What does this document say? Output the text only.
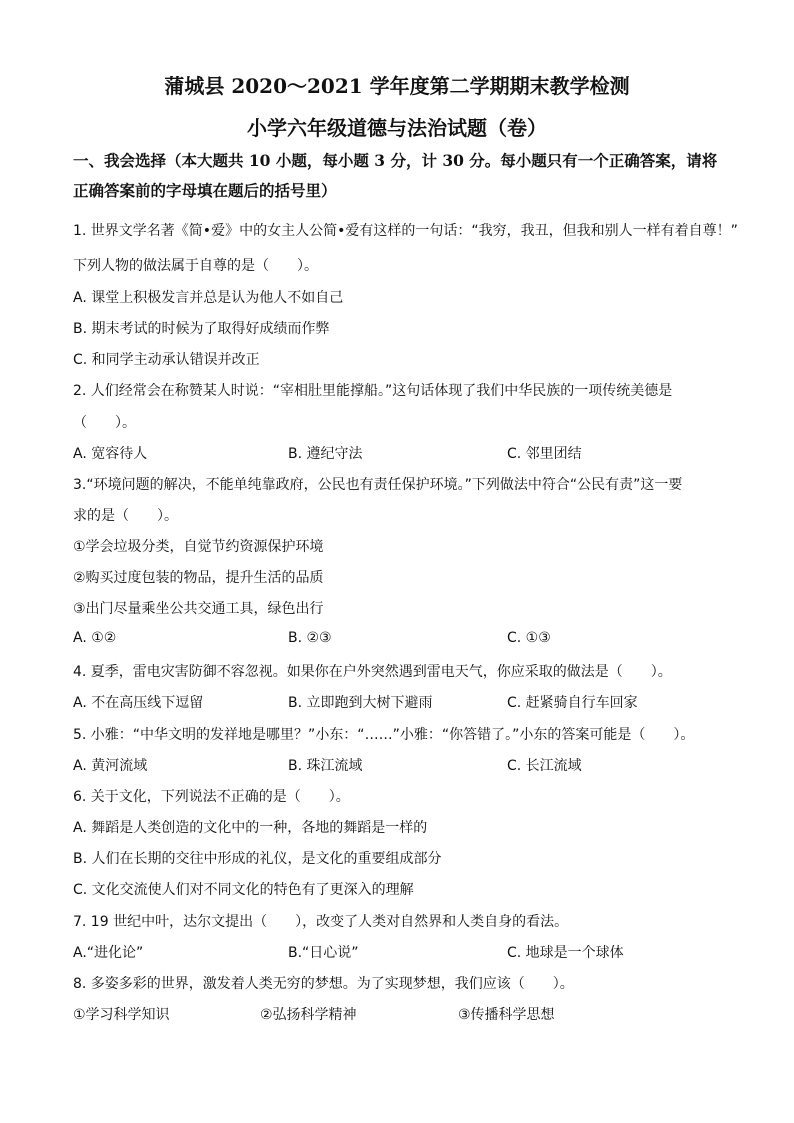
蒲城县 2020～2021 学年度第二学期期末教学检测
小学六年级道德与法治试题（卷）
一、我会选择（本大题共 10 小题，每小题 3 分，计 30 分。每小题只有一个正确答案，请将
正确答案前的字母填在题后的括号里）
1. 世界文学名著《简•爱》中的女主人公简•爱有这样的一句话：“我穷，我丑，但我和别人一样有着自尊！”
下列人物的做法属于自尊的是（　　）。
A. 课堂上积极发言并总是认为他人不如自己
B. 期末考试的时候为了取得好成绩而作弊
C. 和同学主动承认错误并改正
2. 人们经常会在称赞某人时说：“宰相肚里能撑船。”这句话体现了我们中华民族的一项传统美德是
（　　）。
A. 宽容待人	B. 遵纪守法	C. 邻里团结
3.“环境问题的解决，不能单纯靠政府，公民也有责任保护环境。”下列做法中符合“公民有责”这一要
求的是（　　）。
①学会垃圾分类，自觉节约资源保护环境
②购买过度包装的物品，提升生活的品质
③出门尽量乘坐公共交通工具，绿色出行
A. ①②	B. ②③	C. ①③
4. 夏季，雷电灾害防御不容忽视。如果你在户外突然遇到雷电天气，你应采取的做法是（　　）。
A. 不在高压线下逗留	B. 立即跑到大树下避雨	C. 赶紧骑自行车回家
5. 小雅：“中华文明的发祥地是哪里？”小东：“……”小雅：“你答错了。”小东的答案可能是（　　）。
A. 黄河流域	B. 珠江流域	C. 长江流域
6. 关于文化，下列说法不正确的是（　　）。
A. 舞蹈是人类创造的文化中的一种，各地的舞蹈是一样的
B. 人们在长期的交往中形成的礼仪，是文化的重要组成部分
C. 文化交流使人们对不同文化的特色有了更深入的理解
7. 19 世纪中叶，达尔文提出（　　），改变了人类对自然界和人类自身的看法。
A.“进化论”	B.“日心说”	C. 地球是一个球体
8. 多姿多彩的世界，激发着人类无穷的梦想。为了实现梦想，我们应该（　　）。
①学习科学知识	②弘扬科学精神	③传播科学思想
